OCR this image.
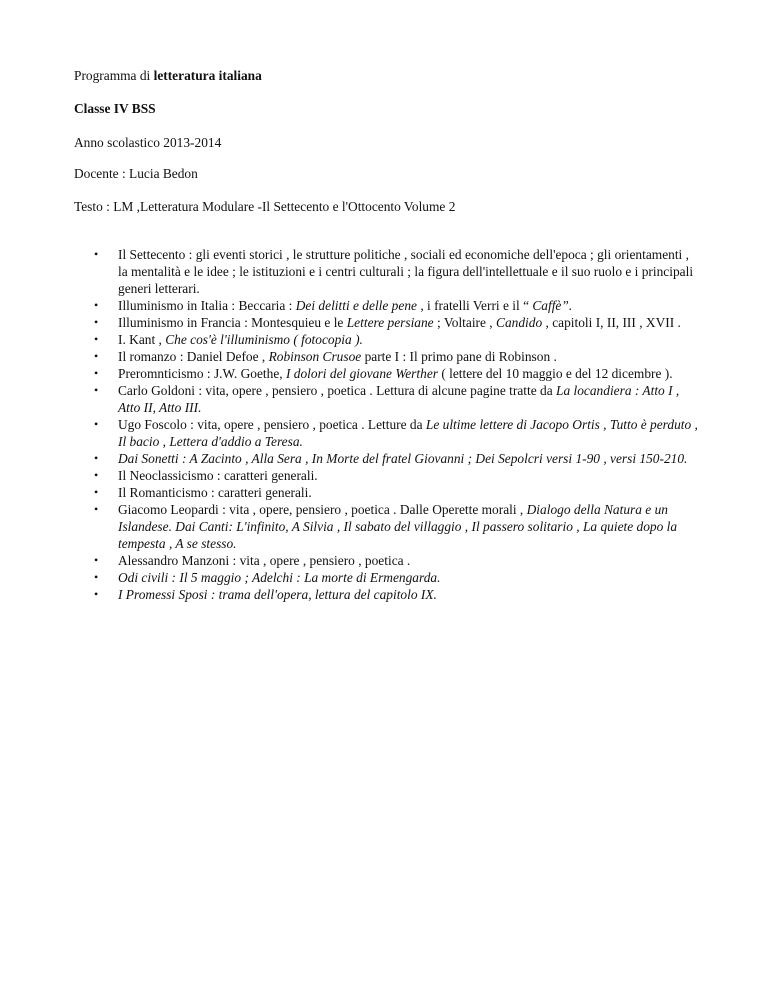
Programma di letteratura italiana

Classe IV BSS

Anno scolastico 2013-2014

Docente : Lucia Bedon

Testo : LM ,Letteratura Modulare -Il Settecento e l'Ottocento Volume 2

• Il Settecento : gli eventi storici , le strutture politiche , sociali ed economiche dell'epoca ; gli orientamenti , la mentalità e le idee ; le istituzioni e i centri culturali ; la figura dell'intellettuale e il suo ruolo e i principali generi letterari.
• Illuminismo in Italia : Beccaria : Dei delitti e delle pene , i fratelli Verri e il “ Caffè”.
• Illuminismo in Francia : Montesquieu e le Lettere persiane ; Voltaire , Candido , capitoli I, II, III , XVII .
• I. Kant , Che cos'è l'illuminismo ( fotocopia ).
• Il romanzo : Daniel Defoe , Robinson Crusoe parte I : Il primo pane di Robinson .
• Preromnticismo : J.W. Goethe, I dolori del giovane Werther ( lettere del 10 maggio e del 12 dicembre ).
• Carlo Goldoni : vita, opere , pensiero , poetica . Lettura di alcune pagine tratte da La locandiera : Atto I , Atto II, Atto III.
• Ugo Foscolo : vita, opere , pensiero , poetica . Letture da Le ultime lettere di Jacopo Ortis , Tutto è perduto , Il bacio , Lettera d'addio a Teresa.
• Dai Sonetti : A Zacinto , Alla Sera , In Morte del fratel Giovanni ; Dei Sepolcri versi 1-90 , versi 150-210.
• Il Neoclassicismo : caratteri generali.
• Il Romanticismo : caratteri generali.
• Giacomo Leopardi : vita , opere, pensiero , poetica . Dalle Operette morali , Dialogo della Natura e un Islandese. Dai Canti: L'infinito, A Silvia , Il sabato del villaggio , Il passero solitario , La quiete dopo la tempesta , A se stesso.
• Alessandro Manzoni : vita , opere , pensiero , poetica .
• Odi civili : Il 5 maggio ; Adelchi : La morte di Ermengarda.
• I Promessi Sposi : trama dell'opera, lettura del capitolo IX.
